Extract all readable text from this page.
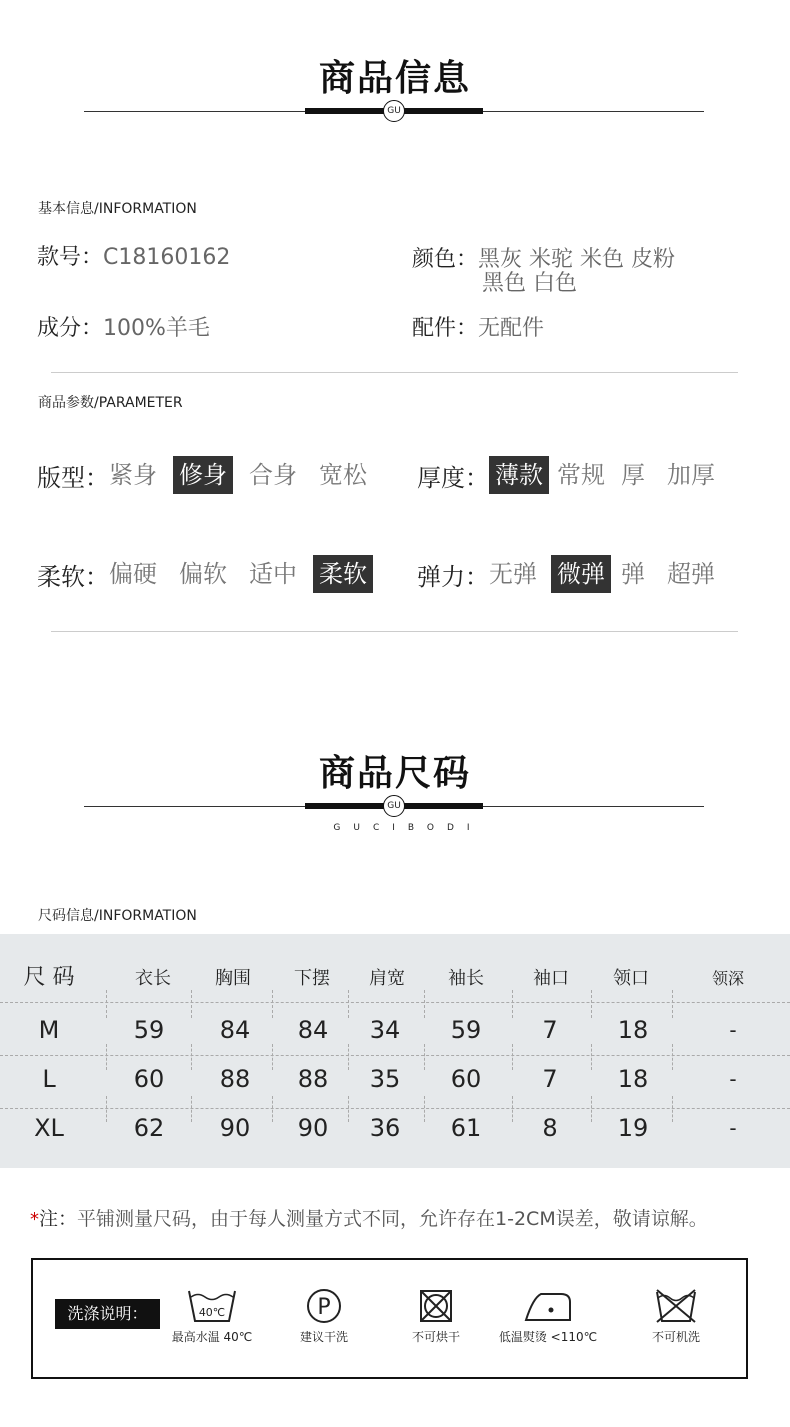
商品信息
GU
基本信息/INFORMATION
款号：C18160162	颜色：黑灰 米驼 米色 皮粉
黑色 白色
成分：100%羊毛	配件：无配件
商品参数/PARAMETER
版型： 紧身 修身 合身 宽松 厚度： 薄款 常规 厚 加厚
柔软： 偏硬 偏软 适中 柔软 弹力： 无弹 微弹 弹 超弹
商品尺码
GU
GUCIBODI
尺码信息/INFORMATION
尺 码	衣长	胸围	下摆	肩宽	袖长	袖口	领口	领深
M	59	84	84	34	59	7	18	-
L	60	88	88	35	60	7	18	-
XL	62	90	90	36	61	8	19	-
*注：平铺测量尺码，由于每人测量方式不同，允许存在1-2CM误差，敬请谅解。
洗涤说明：	40℃
最高水温 40℃
P
建议干洗	不可烘干	低温熨烫 <110℃	不可机洗
